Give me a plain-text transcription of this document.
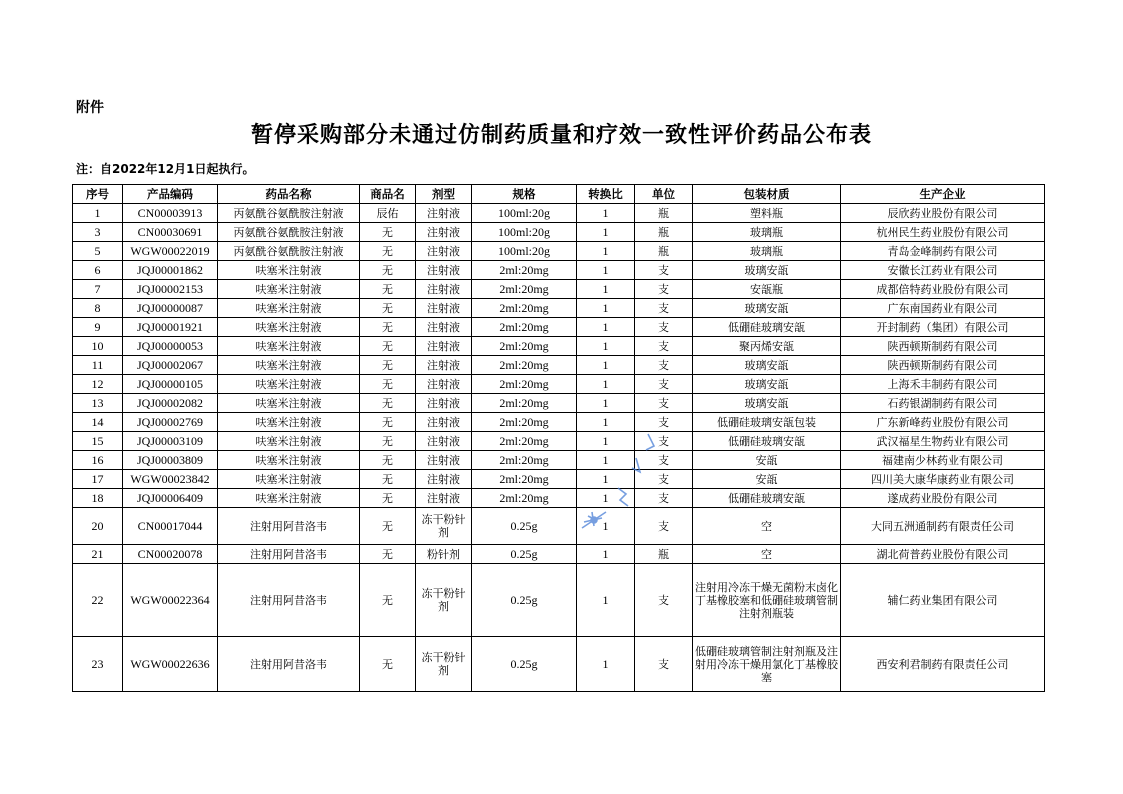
附件
暂停采购部分未通过仿制药质量和疗效一致性评价药品公布表
注：自2022年12月1日起执行。
序号	产品编码	药品名称	商品名	剂型	规格	转换比	单位	包装材质	生产企业
1	CN00003913	丙氨酰谷氨酰胺注射液	辰佑	注射液	100ml:20g	1	瓶	塑料瓶	辰欣药业股份有限公司
3	CN00030691	丙氨酰谷氨酰胺注射液	无	注射液	100ml:20g	1	瓶	玻璃瓶	杭州民生药业股份有限公司
5	WGW00022019	丙氨酰谷氨酰胺注射液	无	注射液	100ml:20g	1	瓶	玻璃瓶	青岛金峰制药有限公司
6	JQJ00001862	呋塞米注射液	无	注射液	2ml:20mg	1	支	玻璃安瓿	安徽长江药业有限公司
7	JQJ00002153	呋塞米注射液	无	注射液	2ml:20mg	1	支	安瓿瓶	成都倍特药业股份有限公司
8	JQJ00000087	呋塞米注射液	无	注射液	2ml:20mg	1	支	玻璃安瓿	广东南国药业有限公司
9	JQJ00001921	呋塞米注射液	无	注射液	2ml:20mg	1	支	低硼硅玻璃安瓿	开封制药（集团）有限公司
10	JQJ00000053	呋塞米注射液	无	注射液	2ml:20mg	1	支	聚丙烯安瓿	陕西顿斯制药有限公司
11	JQJ00002067	呋塞米注射液	无	注射液	2ml:20mg	1	支	玻璃安瓿	陕西顿斯制药有限公司
12	JQJ00000105	呋塞米注射液	无	注射液	2ml:20mg	1	支	玻璃安瓿	上海禾丰制药有限公司
13	JQJ00002082	呋塞米注射液	无	注射液	2ml:20mg	1	支	玻璃安瓿	石药银湖制药有限公司
14	JQJ00002769	呋塞米注射液	无	注射液	2ml:20mg	1	支	低硼硅玻璃安瓿包装	广东新峰药业股份有限公司
15	JQJ00003109	呋塞米注射液	无	注射液	2ml:20mg	1	支	低硼硅玻璃安瓿	武汉福星生物药业有限公司
16	JQJ00003809	呋塞米注射液	无	注射液	2ml:20mg	1	支	安瓿	福建南少林药业有限公司
17	WGW00023842	呋塞米注射液	无	注射液	2ml:20mg	1	支	安瓿	四川美大康华康药业有限公司
18	JQJ00006409	呋塞米注射液	无	注射液	2ml:20mg	1	支	低硼硅玻璃安瓿	遂成药业股份有限公司
20	CN00017044	注射用阿昔洛韦	无	冻干粉针剂	0.25g	1	支	空	大同五洲通制药有限责任公司
21	CN00020078	注射用阿昔洛韦	无	粉针剂	0.25g	1	瓶	空	湖北荷普药业股份有限公司
22	WGW00022364	注射用阿昔洛韦	无	冻干粉针剂	0.25g	1	支	注射用冷冻干燥无菌粉末卤化丁基橡胶塞和低硼硅玻璃管制注射剂瓶装	辅仁药业集团有限公司
23	WGW00022636	注射用阿昔洛韦	无	冻干粉针剂	0.25g	1	支	低硼硅玻璃管制注射剂瓶及注射用冷冻干燥用氯化丁基橡胶塞	西安利君制药有限责任公司
